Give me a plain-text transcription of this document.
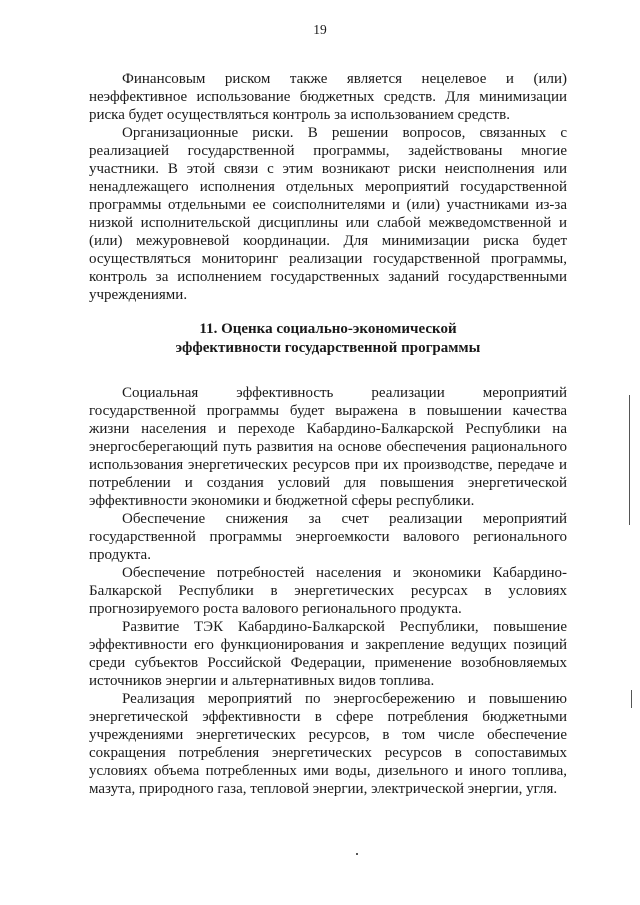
19

Финансовым риском также является нецелевое и (или) неэффективное использование бюджетных средств. Для минимизации риска будет осуществляться контроль за использованием средств.

Организационные риски. В решении вопросов, связанных с реализацией государственной программы, задействованы многие участники. В этой связи с этим возникают риски неисполнения или ненадлежащего исполнения отдельных мероприятий государственной программы отдельными ее соисполнителями и (или) участниками из-за низкой исполнительской дисциплины или слабой межведомственной и (или) межуровневой координации. Для минимизации риска будет осуществляться мониторинг реализации государственной программы, контроль за исполнением государственных заданий государственными учреждениями.

11. Оценка социально-экономической
эффективности государственной программы

Социальная эффективность реализации мероприятий государственной программы будет выражена в повышении качества жизни населения и переходе Кабардино-Балкарской Республики на энергосберегающий путь развития на основе обеспечения рационального использования энергетических ресурсов при их производстве, передаче и потреблении и создания условий для повышения энергетической эффективности экономики и бюджетной сферы республики.

Обеспечение снижения за счет реализации мероприятий государственной программы энергоемкости валового регионального продукта.

Обеспечение потребностей населения и экономики Кабардино-Балкарской Республики в энергетических ресурсах в условиях прогнозируемого роста валового регионального продукта.

Развитие ТЭК Кабардино-Балкарской Республики, повышение эффективности его функционирования и закрепление ведущих позиций среди субъектов Российской Федерации, применение возобновляемых источников энергии и альтернативных видов топлива.

Реализация мероприятий по энергосбережению и повышению энергетической эффективности в сфере потребления бюджетными учреждениями энергетических ресурсов, в том числе обеспечение сокращения потребления энергетических ресурсов в сопоставимых условиях объема потребленных ими воды, дизельного и иного топлива, мазута, природного газа, тепловой энергии, электрической энергии, угля.
